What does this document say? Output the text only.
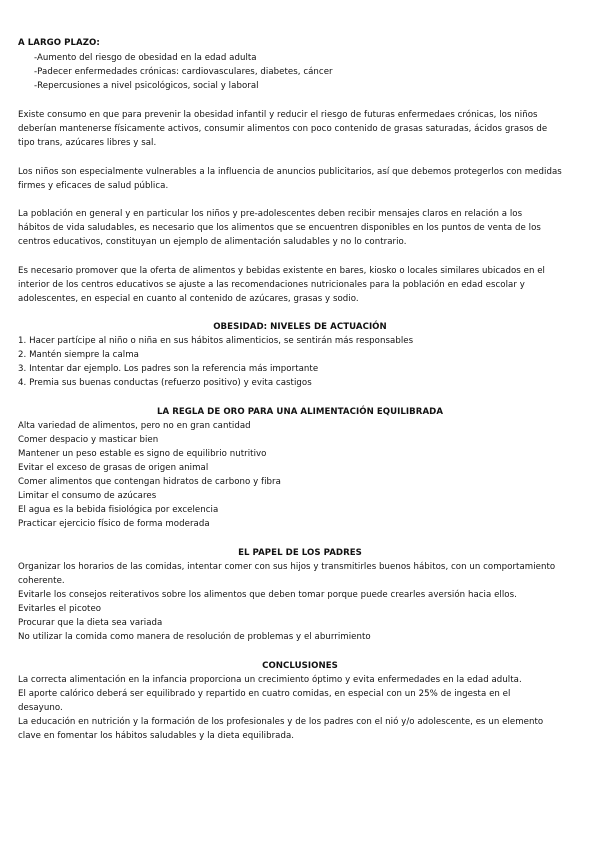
A LARGO PLAZO:
-Aumento del riesgo de obesidad en la edad adulta
-Padecer enfermedades crónicas: cardiovasculares, diabetes, cáncer
-Repercusiones a nivel psicológicos, social y laboral
Existe consumo en que para prevenir la obesidad infantil y reducir el riesgo de futuras enfermedaes crónicas, los niños
deberían mantenerse físicamente activos, consumir alimentos con poco contenido de grasas saturadas, ácidos grasos de
tipo trans, azúcares libres y sal.
Los niños son especialmente vulnerables a la influencia de anuncios publicitarios, así que debemos protegerlos con medidas
firmes y eficaces de salud pública.
La población en general y en particular los niños y pre-adolescentes deben recibir mensajes claros en relación a los
hábitos de vida saludables, es necesario que los alimentos que se encuentren disponibles en los puntos de venta de los
centros educativos, constituyan un ejemplo de alimentación saludables y no lo contrario.
Es necesario promover que la oferta de alimentos y bebidas existente en bares, kiosko o locales similares ubicados en el
interior de los centros educativos se ajuste a las recomendaciones nutricionales para la población en edad escolar y
adolescentes, en especial en cuanto al contenido de azúcares, grasas y sodio.
OBESIDAD: NIVELES DE ACTUACIÓN
1. Hacer partícipe al niño o niña en sus hábitos alimenticios, se sentirán más responsables
2. Mantén siempre la calma
3. Intentar dar ejemplo. Los padres son la referencia más importante
4. Premia sus buenas conductas (refuerzo positivo) y evita castigos
LA REGLA DE ORO PARA UNA ALIMENTACIÓN EQUILIBRADA
Alta variedad de alimentos, pero no en gran cantidad
Comer despacio y masticar bien
Mantener un peso estable es signo de equilibrio nutritivo
Evitar el exceso de grasas de origen animal
Comer alimentos que contengan hidratos de carbono y fibra
Limitar el consumo de azúcares
El agua es la bebida fisiológica por excelencia
Practicar ejercicio físico de forma moderada
EL PAPEL DE LOS PADRES
Organizar los horarios de las comidas, intentar comer con sus hijos y transmitirles buenos hábitos, con un comportamiento
coherente.
Evitarle los consejos reiterativos sobre los alimentos que deben tomar porque puede crearles aversión hacia ellos.
Evitarles el picoteo
Procurar que la dieta sea variada
No utilizar la comida como manera de resolución de problemas y el aburrimiento
CONCLUSIONES
La correcta alimentación en la infancia proporciona un crecimiento óptimo y evita enfermedades en la edad adulta.
El aporte calórico deberá ser equilibrado y repartido en cuatro comidas, en especial con un 25% de ingesta en el
desayuno.
La educación en nutrición y la formación de los profesionales y de los padres con el nió y/o adolescente, es un elemento
clave en fomentar los hábitos saludables y la dieta equilibrada.
